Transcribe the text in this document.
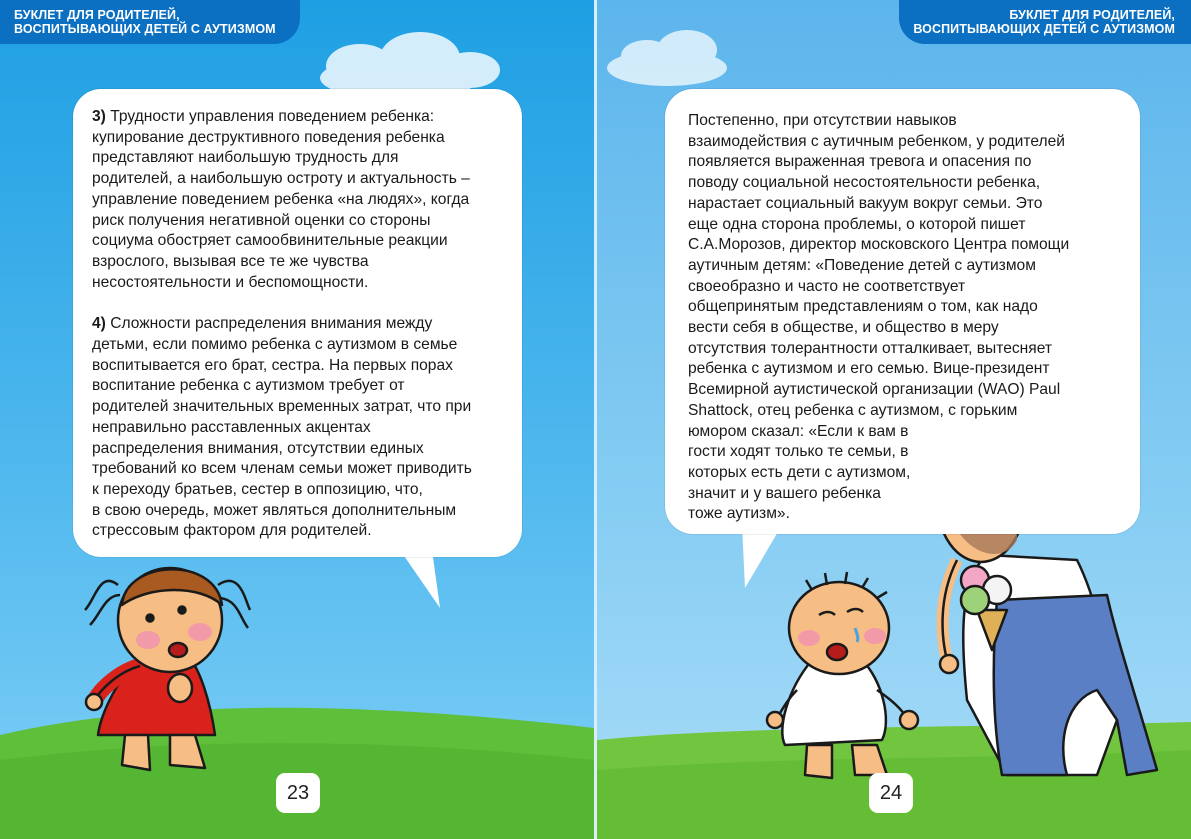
БУКЛЕТ ДЛЯ РОДИТЕЛЕЙ,
ВОСПИТЫВАЮЩИХ ДЕТЕЙ С АУТИЗМОМ

3) Трудности управления поведением ребенка:
купирование деструктивного поведения ребенка
представляют наибольшую трудность для
родителей, а наибольшую остроту и актуальность –
управление поведением ребенка «на людях», когда
риск получения негативной оценки со стороны
социума обостряет самообвинительные реакции
взрослого, вызывая все те же чувства
несостоятельности и беспомощности.

4) Сложности распределения внимания между
детьми, если помимо ребенка с аутизмом в семье
воспитывается его брат, сестра. На первых порах
воспитание ребенка с аутизмом требует от
родителей значительных временных затрат, что при
неправильно расставленных акцентах
распределения внимания, отсутствии единых
требований ко всем членам семьи может приводить
к переходу братьев, сестер в оппозицию, что,
в свою очередь, может являться дополнительным
стрессовым фактором для родителей.

23
БУКЛЕТ ДЛЯ РОДИТЕЛЕЙ,
ВОСПИТЫВАЮЩИХ ДЕТЕЙ С АУТИЗМОМ

Постепенно, при отсутствии навыков
взаимодействия с аутичным ребенком, у родителей
появляется выраженная тревога и опасения по
поводу социальной несостоятельности ребенка,
нарастает социальный вакуум вокруг семьи. Это
еще одна сторона проблемы, о которой пишет
С.А.Морозов, директор московского Центра помощи
аутичным детям: «Поведение детей с аутизмом
своеобразно и часто не соответствует
общепринятым представлениям о том, как надо
вести себя в обществе, и общество в меру
отсутствия толерантности отталкивает, вытесняет
ребенка с аутизмом и его семью. Вице-президент
Всемирной аутистической организации (WAO) Paul
Shattock, отец ребенка с аутизмом, с горьким
юмором сказал: «Если к вам в
гости ходят только те семьи, в
которых есть дети с аутизмом,
значит и у вашего ребенка
тоже аутизм».

24
